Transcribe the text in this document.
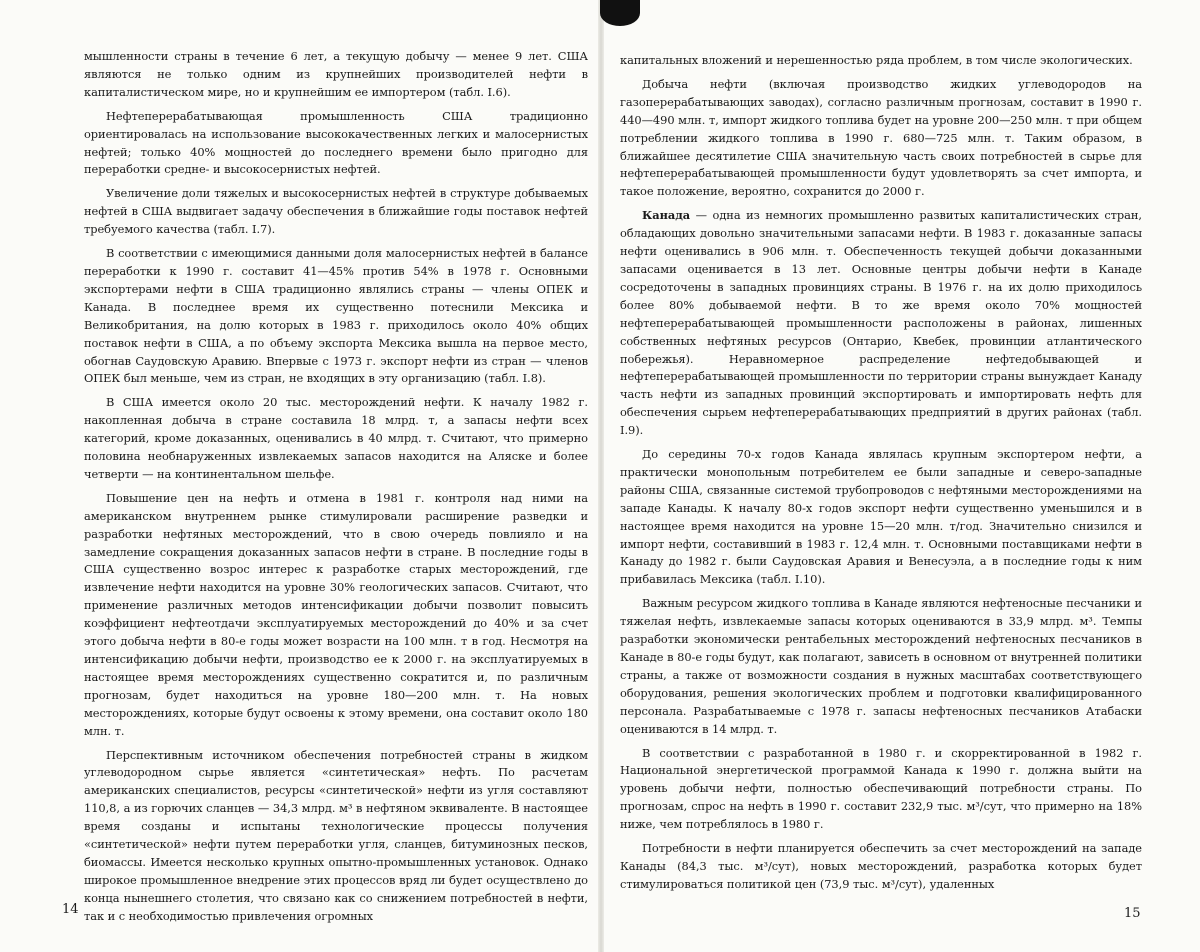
мышленности страны в течение 6 лет, а текущую добычу — менее 9 лет. США являются не только одним из крупнейших производителей нефти в капиталистическом мире, но и крупнейшим ее импортером (табл. I.6).

Нефтеперерабатывающая промышленность США традиционно ориентировалась на использование высококачественных легких и малосернистых нефтей; только 40% мощностей до последнего времени было пригодно для переработки средне- и высокосернистых нефтей.

Увеличение доли тяжелых и высокосернистых нефтей в структуре добываемых нефтей в США выдвигает задачу обеспечения в ближайшие годы поставок нефтей требуемого качества (табл. I.7).

В соответствии с имеющимися данными доля малосернистых нефтей в балансе переработки к 1990 г. составит 41—45% против 54% в 1978 г. Основными экспортерами нефти в США традиционно являлись страны — члены ОПЕК и Канада. В последнее время их существенно потеснили Мексика и Великобритания, на долю которых в 1983 г. приходилось около 40% общих поставок нефти в США, а по объему экспорта Мексика вышла на первое место, обогнав Саудовскую Аравию. Впервые с 1973 г. экспорт нефти из стран — членов ОПЕК был меньше, чем из стран, не входящих в эту организацию (табл. I.8).

В США имеется около 20 тыс. месторождений нефти. К началу 1982 г. накопленная добыча в стране составила 18 млрд. т, а запасы нефти всех категорий, кроме доказанных, оценивались в 40 млрд. т. Считают, что примерно половина необнаруженных извлекаемых запасов находится на Аляске и более четверти — на континентальном шельфе.

Повышение цен на нефть и отмена в 1981 г. контроля над ними на американском внутреннем рынке стимулировали расширение разведки и разработки нефтяных месторождений, что в свою очередь повлияло и на замедление сокращения доказанных запасов нефти в стране. В последние годы в США существенно возрос интерес к разработке старых месторождений, где извлечение нефти находится на уровне 30% геологических запасов. Считают, что применение различных методов интенсификации добычи позволит повысить коэффициент нефтеотдачи эксплуатируемых месторождений до 40% и за счет этого добыча нефти в 80-е годы может возрасти на 100 млн. т в год. Несмотря на интенсификацию добычи нефти, производство ее к 2000 г. на эксплуатируемых в настоящее время месторождениях существенно сократится и, по различным прогнозам, будет находиться на уровне 180—200 млн. т. На новых месторождениях, которые будут освоены к этому времени, она составит около 180 млн. т.

Перспективным источником обеспечения потребностей страны в жидком углеводородном сырье является «синтетическая» нефть. По расчетам американских специалистов, ресурсы «синтетической» нефти из угля составляют 110,8, а из горючих сланцев — 34,3 млрд. м³ в нефтяном эквиваленте. В настоящее время созданы и испытаны технологические процессы получения «синтетической» нефти путем переработки угля, сланцев, битуминозных песков, биомассы. Имеется несколько крупных опытно-промышленных установок. Однако широкое промышленное внедрение этих процессов вряд ли будет осуществлено до конца нынешнего столетия, что связано как со снижением потребностей в нефти, так и с необходимостью привлечения огромных

14

капитальных вложений и нерешенностью ряда проблем, в том числе экологических.

Добыча нефти (включая производство жидких углеводородов на газоперерабатывающих заводах), согласно различным прогнозам, составит в 1990 г. 440—490 млн. т, импорт жидкого топлива будет на уровне 200—250 млн. т при общем потреблении жидкого топлива в 1990 г. 680—725 млн. т. Таким образом, в ближайшее десятилетие США значительную часть своих потребностей в сырье для нефтеперерабатывающей промышленности будут удовлетворять за счет импорта, и такое положение, вероятно, сохранится до 2000 г.

Канада — одна из немногих промышленно развитых капиталистических стран, обладающих довольно значительными запасами нефти. В 1983 г. доказанные запасы нефти оценивались в 906 млн. т. Обеспеченность текущей добычи доказанными запасами оценивается в 13 лет. Основные центры добычи нефти в Канаде сосредоточены в западных провинциях страны. В 1976 г. на их долю приходилось более 80% добываемой нефти. В то же время около 70% мощностей нефтеперерабатывающей промышленности расположены в районах, лишенных собственных нефтяных ресурсов (Онтарио, Квебек, провинции атлантического побережья). Неравномерное распределение нефтедобывающей и нефтеперерабатывающей промышленности по территории страны вынуждает Канаду часть нефти из западных провинций экспортировать и импортировать нефть для обеспечения сырьем нефтеперерабатывающих предприятий в других районах (табл. I.9).

До середины 70-х годов Канада являлась крупным экспортером нефти, а практически монопольным потребителем ее были западные и северо-западные районы США, связанные системой трубопроводов с нефтяными месторождениями на западе Канады. К началу 80-х годов экспорт нефти существенно уменьшился и в настоящее время находится на уровне 15—20 млн. т/год. Значительно снизился и импорт нефти, составивший в 1983 г. 12,4 млн. т. Основными поставщиками нефти в Канаду до 1982 г. были Саудовская Аравия и Венесуэла, а в последние годы к ним прибавилась Мексика (табл. I.10).

Важным ресурсом жидкого топлива в Канаде являются нефтеносные песчаники и тяжелая нефть, извлекаемые запасы которых оцениваются в 33,9 млрд. м³. Темпы разработки экономически рентабельных месторождений нефтеносных песчаников в Канаде в 80-е годы будут, как полагают, зависеть в основном от внутренней политики страны, а также от возможности создания в нужных масштабах соответствующего оборудования, решения экологических проблем и подготовки квалифицированного персонала. Разрабатываемые с 1978 г. запасы нефтеносных песчаников Атабаски оцениваются в 14 млрд. т.

В соответствии с разработанной в 1980 г. и скорректированной в 1982 г. Национальной энергетической программой Канада к 1990 г. должна выйти на уровень добычи нефти, полностью обеспечивающий потребности страны. По прогнозам, спрос на нефть в 1990 г. составит 232,9 тыс. м³/сут, что примерно на 18% ниже, чем потреблялось в 1980 г.

Потребности в нефти планируется обеспечить за счет месторождений на западе Канады (84,3 тыс. м³/сут), новых месторождений, разработка которых будет стимулироваться политикой цен (73,9 тыс. м³/сут), удаленных

15
